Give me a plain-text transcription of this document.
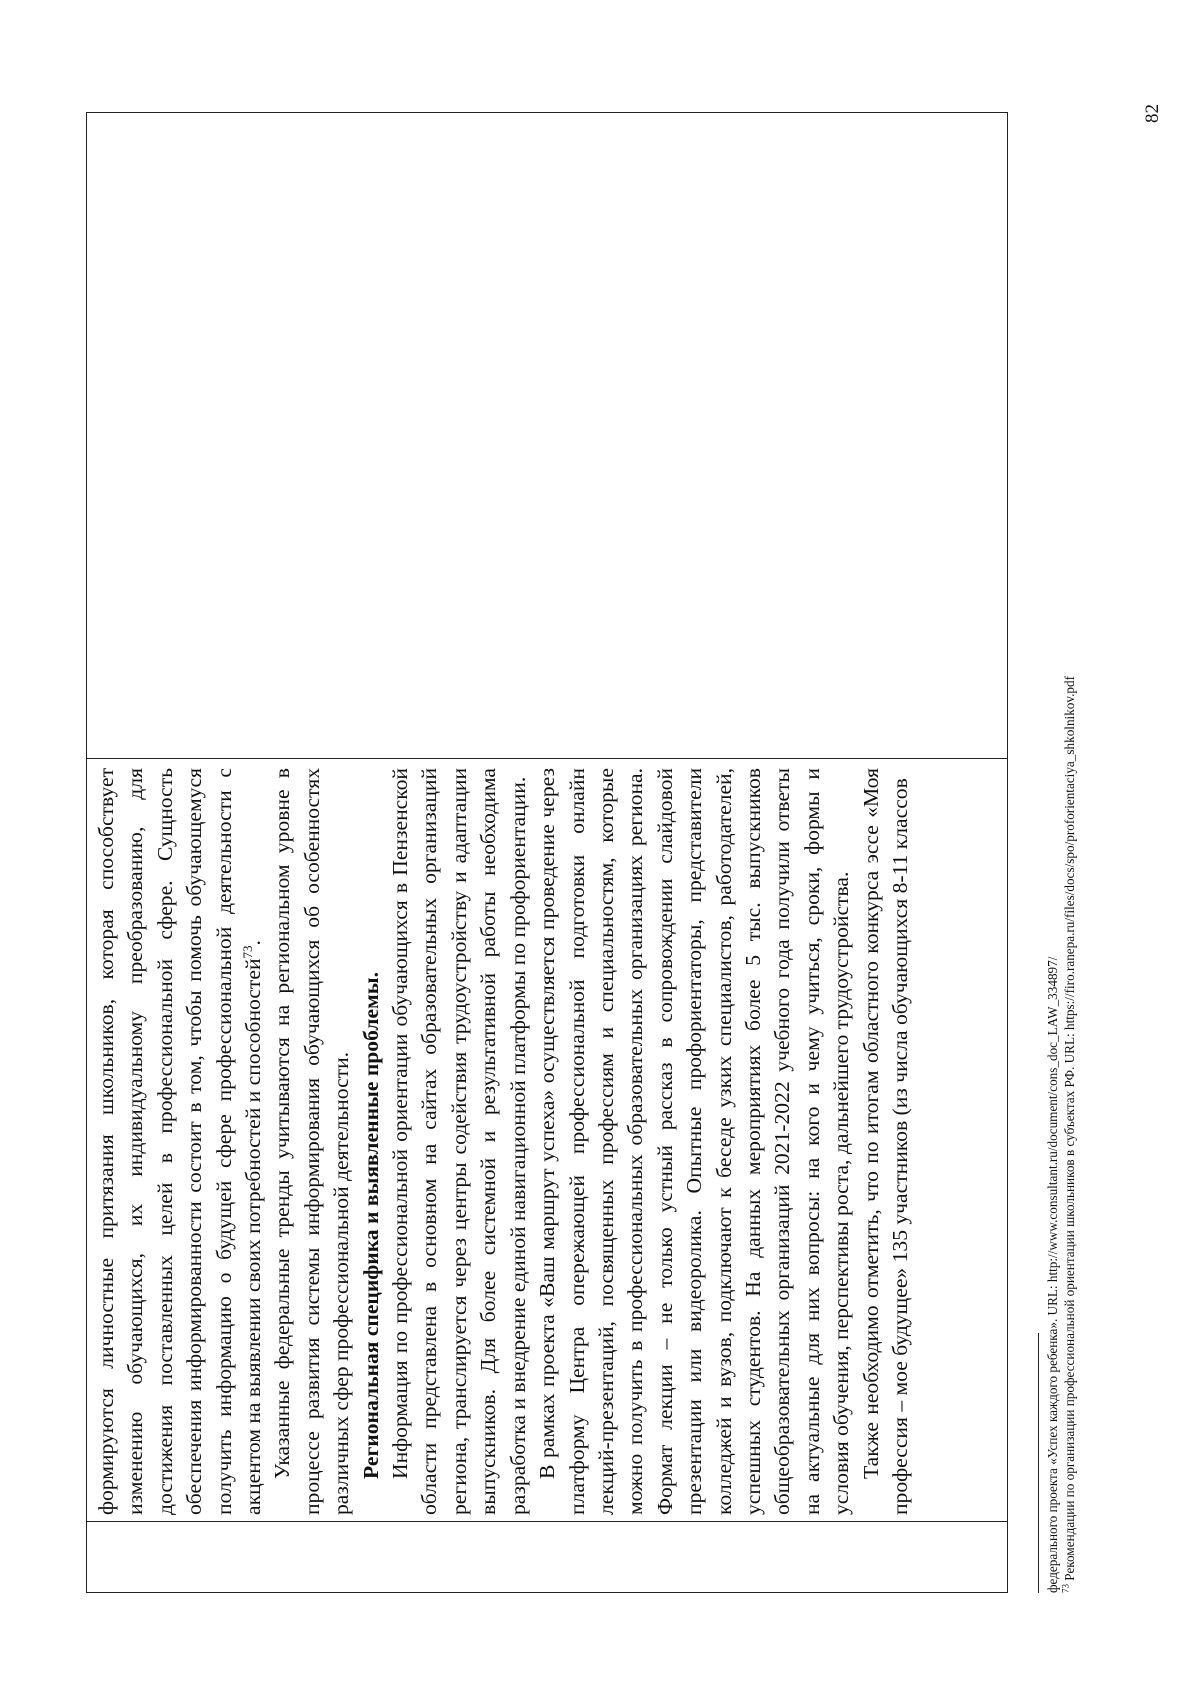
формируются личностные притязания школьников, которая способствует изменению обучающихся, их индивидуальному преобразованию, для достижения поставленных целей в профессиональной сфере. Сущность обеспечения информированности состоит в том, чтобы помочь обучающемуся получить информацию о будущей сфере профессиональной деятельности с акцентом на выявлении своих потребностей и способностей$^{73}$. Указанные федеральные тренды учитываются на региональном уровне в процессе развития системы информирования обучающихся об особенностях различных сфер профессиональной деятельности. Региональная специфика и выявленные проблемы. Информация по профессиональной ориентации обучающихся в Пензенской области представлена в основном на сайтах образовательных организаций региона, транслируется через центры содействия трудоустройству и адаптации выпускников. Для более системной и результативной работы необходима разработка и внедрение единой навигационной платформы по профориентации. В рамках проекта «Ваш маршрут успеха» осуществляется проведение через платформу Центра опережающей профессиональной подготовки онлайн лекций-презентаций, посвященных профессиям и специальностям, которые можно получить в профессиональных образовательных организациях региона. Формат лекции – не только устный рассказ в сопровождении слайдовой презентации или видеоролика. Опытные профориентаторы, представители колледжей и вузов, подключают к беседе узких специалистов, работодателей, успешных студентов. На данных мероприятиях более 5 тыс. выпускников общеобразовательных организаций 2021-2022 учебного года получили ответы на актуальные для них вопросы: на кого и чему учиться, сроки, формы и условия обучения, перспективы роста, дальнейшего трудоустройства. Также необходимо отметить, что по итогам областного конкурса эссе «Моя профессия – мое будущее» 135 участников (из числа обучающихся 8-11 классов	федерального проекта «Успех каждого ребенка». URL: http://www.consultant.ru/document/cons_doc_LAW_334897/ $^{73}$ Рекомендации по организации профессиональной ориентации школьников в субъектах РФ. URL: https://firo.ranepa.ru/files/docs/spo/proforientaciya_shkolnikov.pdf

82
